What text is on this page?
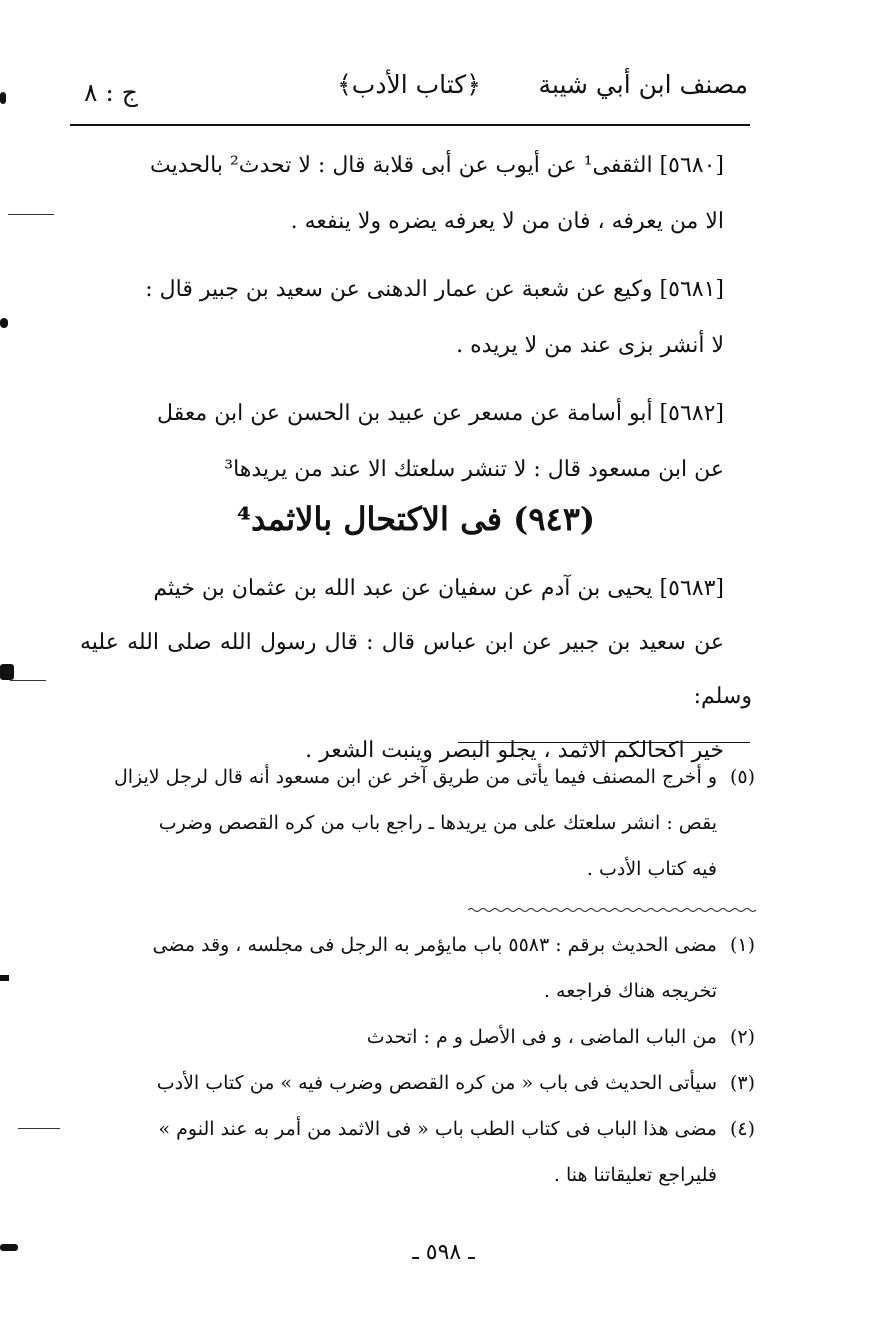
مصنف ابن أبي شيبة
﴿كتاب الأدب﴾
ج : ٨

[٥٦٨٠] الثقفى¹ عن أيوب عن أبى قلابة قال : لا تحدث² بالحديث
الا من يعرفه ، فان من لا يعرفه يضره ولا ينفعه .

[٥٦٨١] وكيع عن شعبة عن عمار الدهنى عن سعيد بن جبير قال :
لا أنشر بزى عند من لا يريده .

[٥٦٨٢] أبو أسامة عن مسعر عن عبيد بن الحسن عن ابن معقل
عن ابن مسعود قال : لا تنشر سلعتك الا عند من يريدها³

(٩٤٣) فى الاكتحال بالاثمد⁴

[٥٦٨٣] يحيى بن آدم عن سفيان عن عبد الله بن عثمان بن خيثم
عن سعيد بن جبير عن ابن عباس قال : قال رسول الله صلى الله عليه وسلم:
خير اكحالكم الاثمد ، يجلو البصر وينبت الشعر .

(٥)
و أخرج المصنف فيما يأتى من طريق آخر عن ابن مسعود أنه قال لرجل لايزال
يقص : انشر سلعتك على من يريدها ـ راجع باب من كره القصص وضرب
فيه كتاب الأدب .
(١)
مضى الحديث برقم : ٥٥٨٣ باب مايؤمر به الرجل فى مجلسه ، وقد مضى
تخريجه هناك فراجعه .
(٢)
من الباب الماضى ، و فى الأصل و م : اتحدث
(٣)
سيأتى الحديث فى باب « من كره القصص وضرب فيه » من كتاب الأدب
(٤)
مضى هذا الباب فى كتاب الطب باب « فى الاثمد من أمر به عند النوم »
فليراجع تعليقاتنا هنا .
ـ ٥٩٨ ـ
